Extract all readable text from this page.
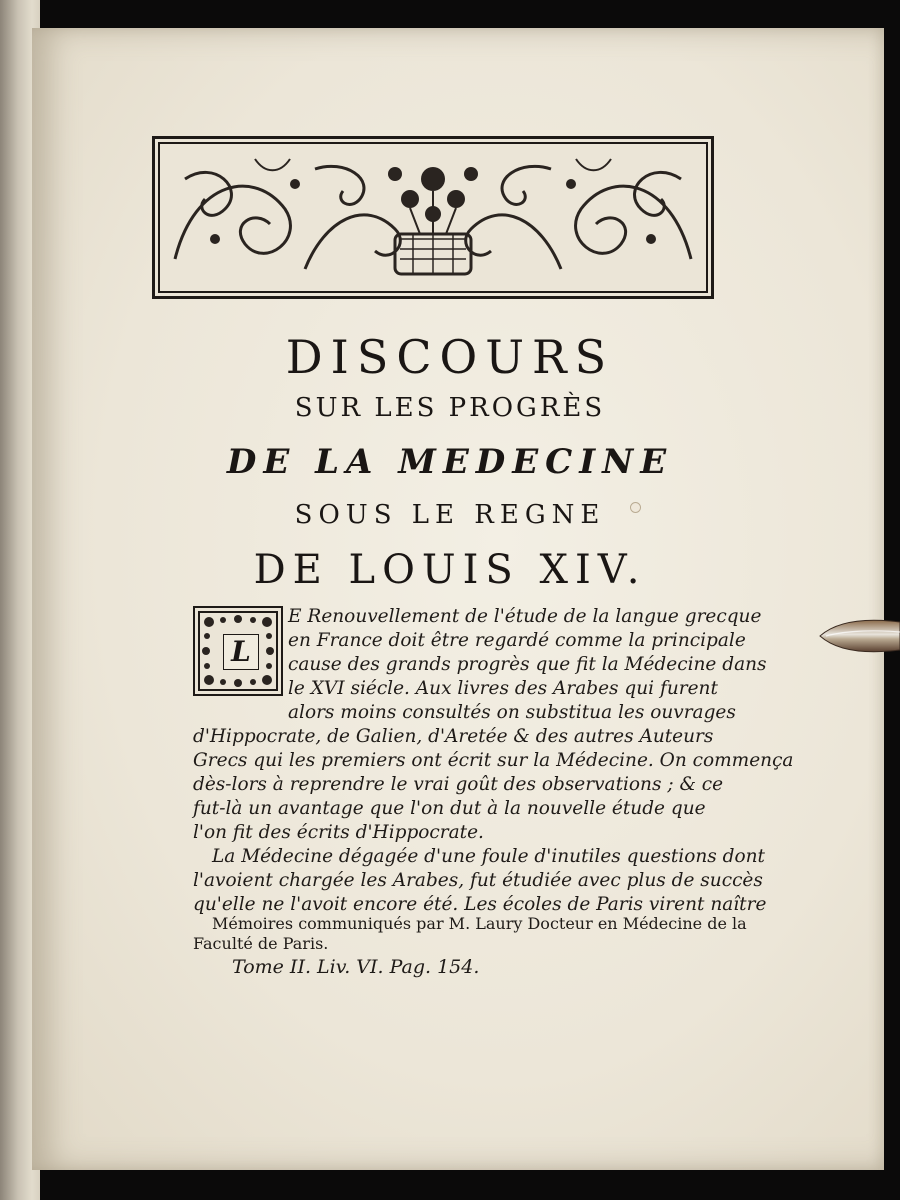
DISCOURS
SUR LES PROGRÈS
DE LA MEDECINE
SOUS LE REGNE
DE LOUIS XIV.
L
E Renouvellement de l'étude de la langue grecque
en France doit être regardé comme la principale
cause des grands progrès que fit la Médecine dans
le XVI siécle. Aux livres des Arabes qui furent
alors moins consultés on substitua les ouvrages
d'Hippocrate, de Galien, d'Aretée & des autres Auteurs
Grecs qui les premiers ont écrit sur la Médecine. On commença
dès-lors à reprendre le vrai goût des observations ; & ce
fut-là un avantage que l'on dut à la nouvelle étude que
l'on fit des écrits d'Hippocrate.
La Médecine dégagée d'une foule d'inutiles questions dont
l'avoient chargée les Arabes, fut étudiée avec plus de succès
qu'elle ne l'avoit encore été. Les écoles de Paris virent naître
Mémoires communiqués par M. Laury Docteur en Médecine de la
Faculté de Paris.
Tome II. Liv. VI. Pag. 154.
